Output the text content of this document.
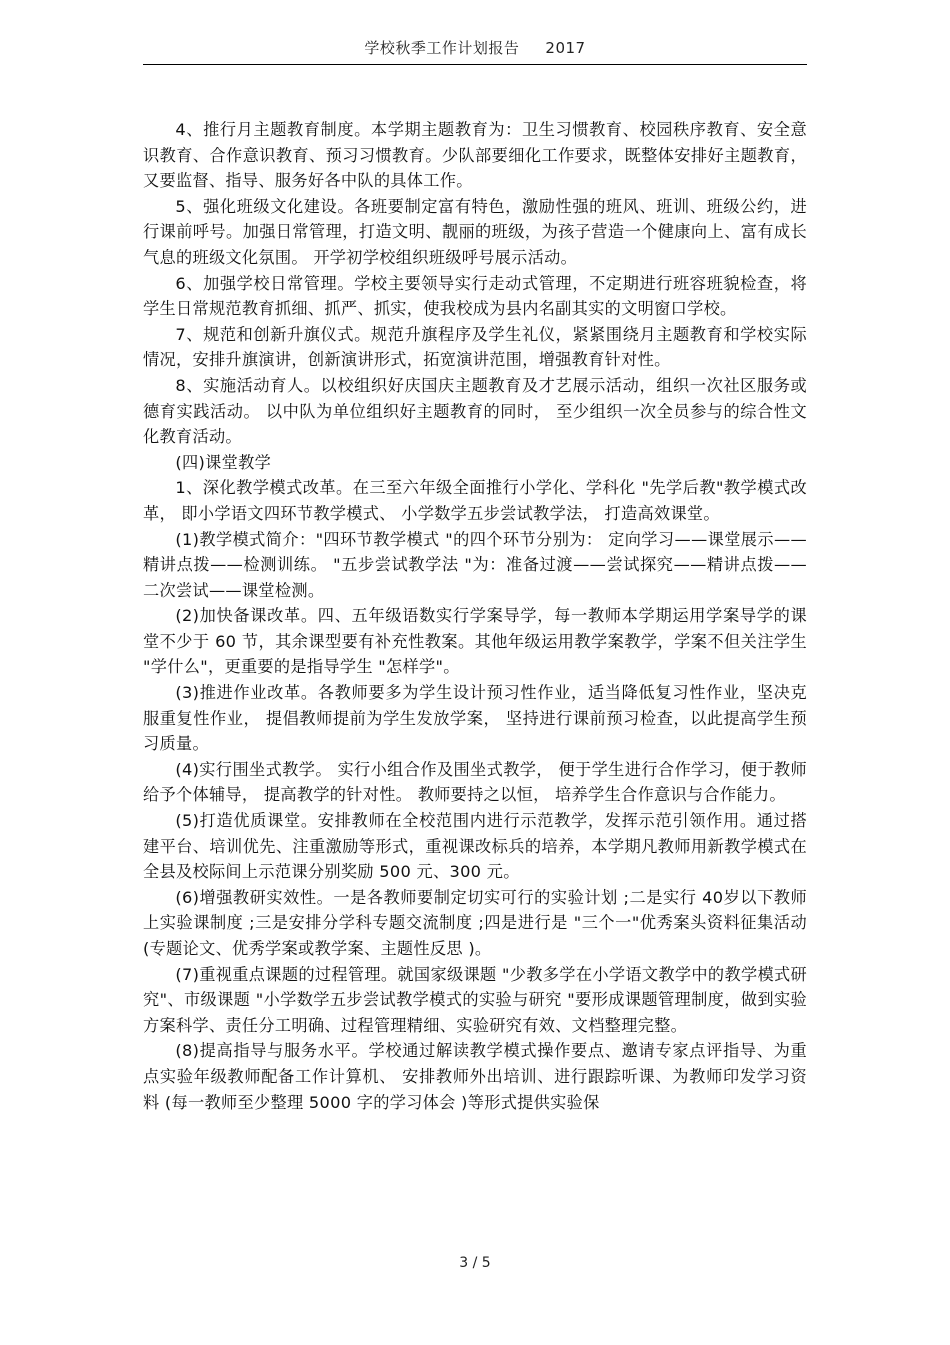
学校秋季工作计划报告 2017

4、推行月主题教育制度。本学期主题教育为：卫生习惯教育、校园秩序教育、安全意识教育、合作意识教育、预习习惯教育。少队部要细化工作要求，既整体安排好主题教育，又要监督、指导、服务好各中队的具体工作。

5、强化班级文化建设。各班要制定富有特色，激励性强的班风、班训、班级公约，进行课前呼号。加强日常管理，打造文明、靓丽的班级，为孩子营造一个健康向上、富有成长气息的班级文化氛围。 开学初学校组织班级呼号展示活动。

6、加强学校日常管理。学校主要领导实行走动式管理，不定期进行班容班貌检查，将学生日常规范教育抓细、抓严、抓实，使我校成为县内名副其实的文明窗口学校。

7、规范和创新升旗仪式。规范升旗程序及学生礼仪，紧紧围绕月主题教育和学校实际情况，安排升旗演讲，创新演讲形式，拓宽演讲范围，增强教育针对性。

8、实施活动育人。以校组织好庆国庆主题教育及才艺展示活动，组织一次社区服务或德育实践活动。 以中队为单位组织好主题教育的同时， 至少组织一次全员参与的综合性文化教育活动。

(四)课堂教学

1、深化教学模式改革。在三至六年级全面推行小学化、学科化 "先学后教"教学模式改革， 即小学语文四环节教学模式、 小学数学五步尝试教学法， 打造高效课堂。

(1)教学模式简介："四环节教学模式 "的四个环节分别为： 定向学习——课堂展示——精讲点拨——检测训练。 "五步尝试教学法 "为：准备过渡——尝试探究——精讲点拨——二次尝试——课堂检测。

(2)加快备课改革。四、五年级语数实行学案导学，每一教师本学期运用学案导学的课堂不少于 60 节，其余课型要有补充性教案。其他年级运用教学案教学，学案不但关注学生 "学什么"，更重要的是指导学生 "怎样学"。

(3)推进作业改革。各教师要多为学生设计预习性作业，适当降低复习性作业，坚决克服重复性作业， 提倡教师提前为学生发放学案， 坚持进行课前预习检查，以此提高学生预习质量。

(4)实行围坐式教学。 实行小组合作及围坐式教学， 便于学生进行合作学习，便于教师给予个体辅导， 提高教学的针对性。 教师要持之以恒， 培养学生合作意识与合作能力。

(5)打造优质课堂。安排教师在全校范围内进行示范教学，发挥示范引领作用。通过搭建平台、培训优先、注重激励等形式，重视课改标兵的培养，本学期凡教师用新教学模式在全县及校际间上示范课分别奖励 500 元、300 元。

(6)增强教研实效性。一是各教师要制定切实可行的实验计划 ;二是实行 40岁以下教师上实验课制度 ;三是安排分学科专题交流制度 ;四是进行是 "三个一"优秀案头资料征集活动 (专题论文、优秀学案或教学案、主题性反思 )。

(7)重视重点课题的过程管理。就国家级课题 "少教多学在小学语文教学中的教学模式研究"、市级课题 "小学数学五步尝试教学模式的实验与研究 "要形成课题管理制度，做到实验方案科学、责任分工明确、过程管理精细、实验研究有效、文档整理完整。

(8)提高指导与服务水平。学校通过解读教学模式操作要点、邀请专家点评指导、为重点实验年级教师配备工作计算机、 安排教师外出培训、进行跟踪听课、为教师印发学习资料 (每一教师至少整理 5000 字的学习体会 )等形式提供实验保

3 / 5
